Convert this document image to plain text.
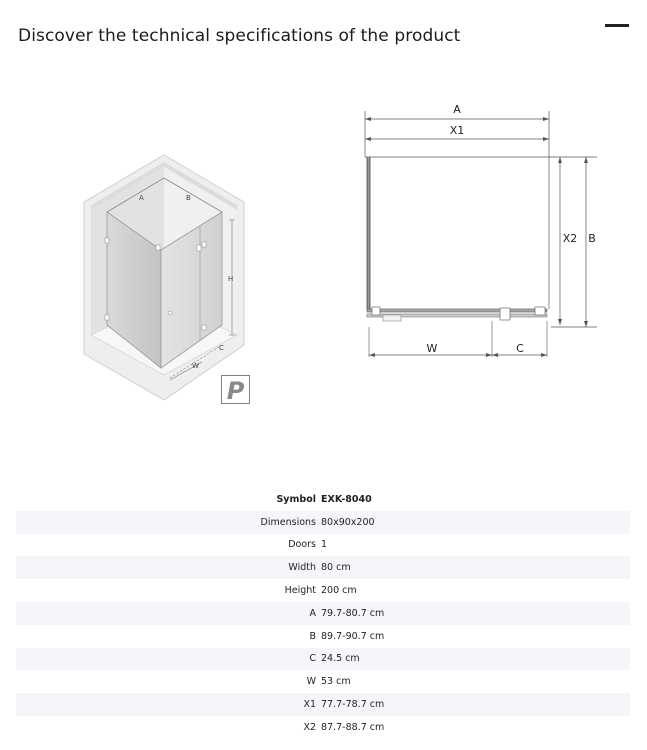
Discover the technical specifications of the product
A	B
H
C
W
P
A
X1
X2 B
W	C
Symbol EXK-8040
Dimensions 80x90x200
Doors 1
Width 80 cm
Height 200 cm
A 79.7-80.7 cm
B 89.7-90.7 cm
C 24.5 cm
W 53 cm
X1 77.7-78.7 cm
X2 87.7-88.7 cm
